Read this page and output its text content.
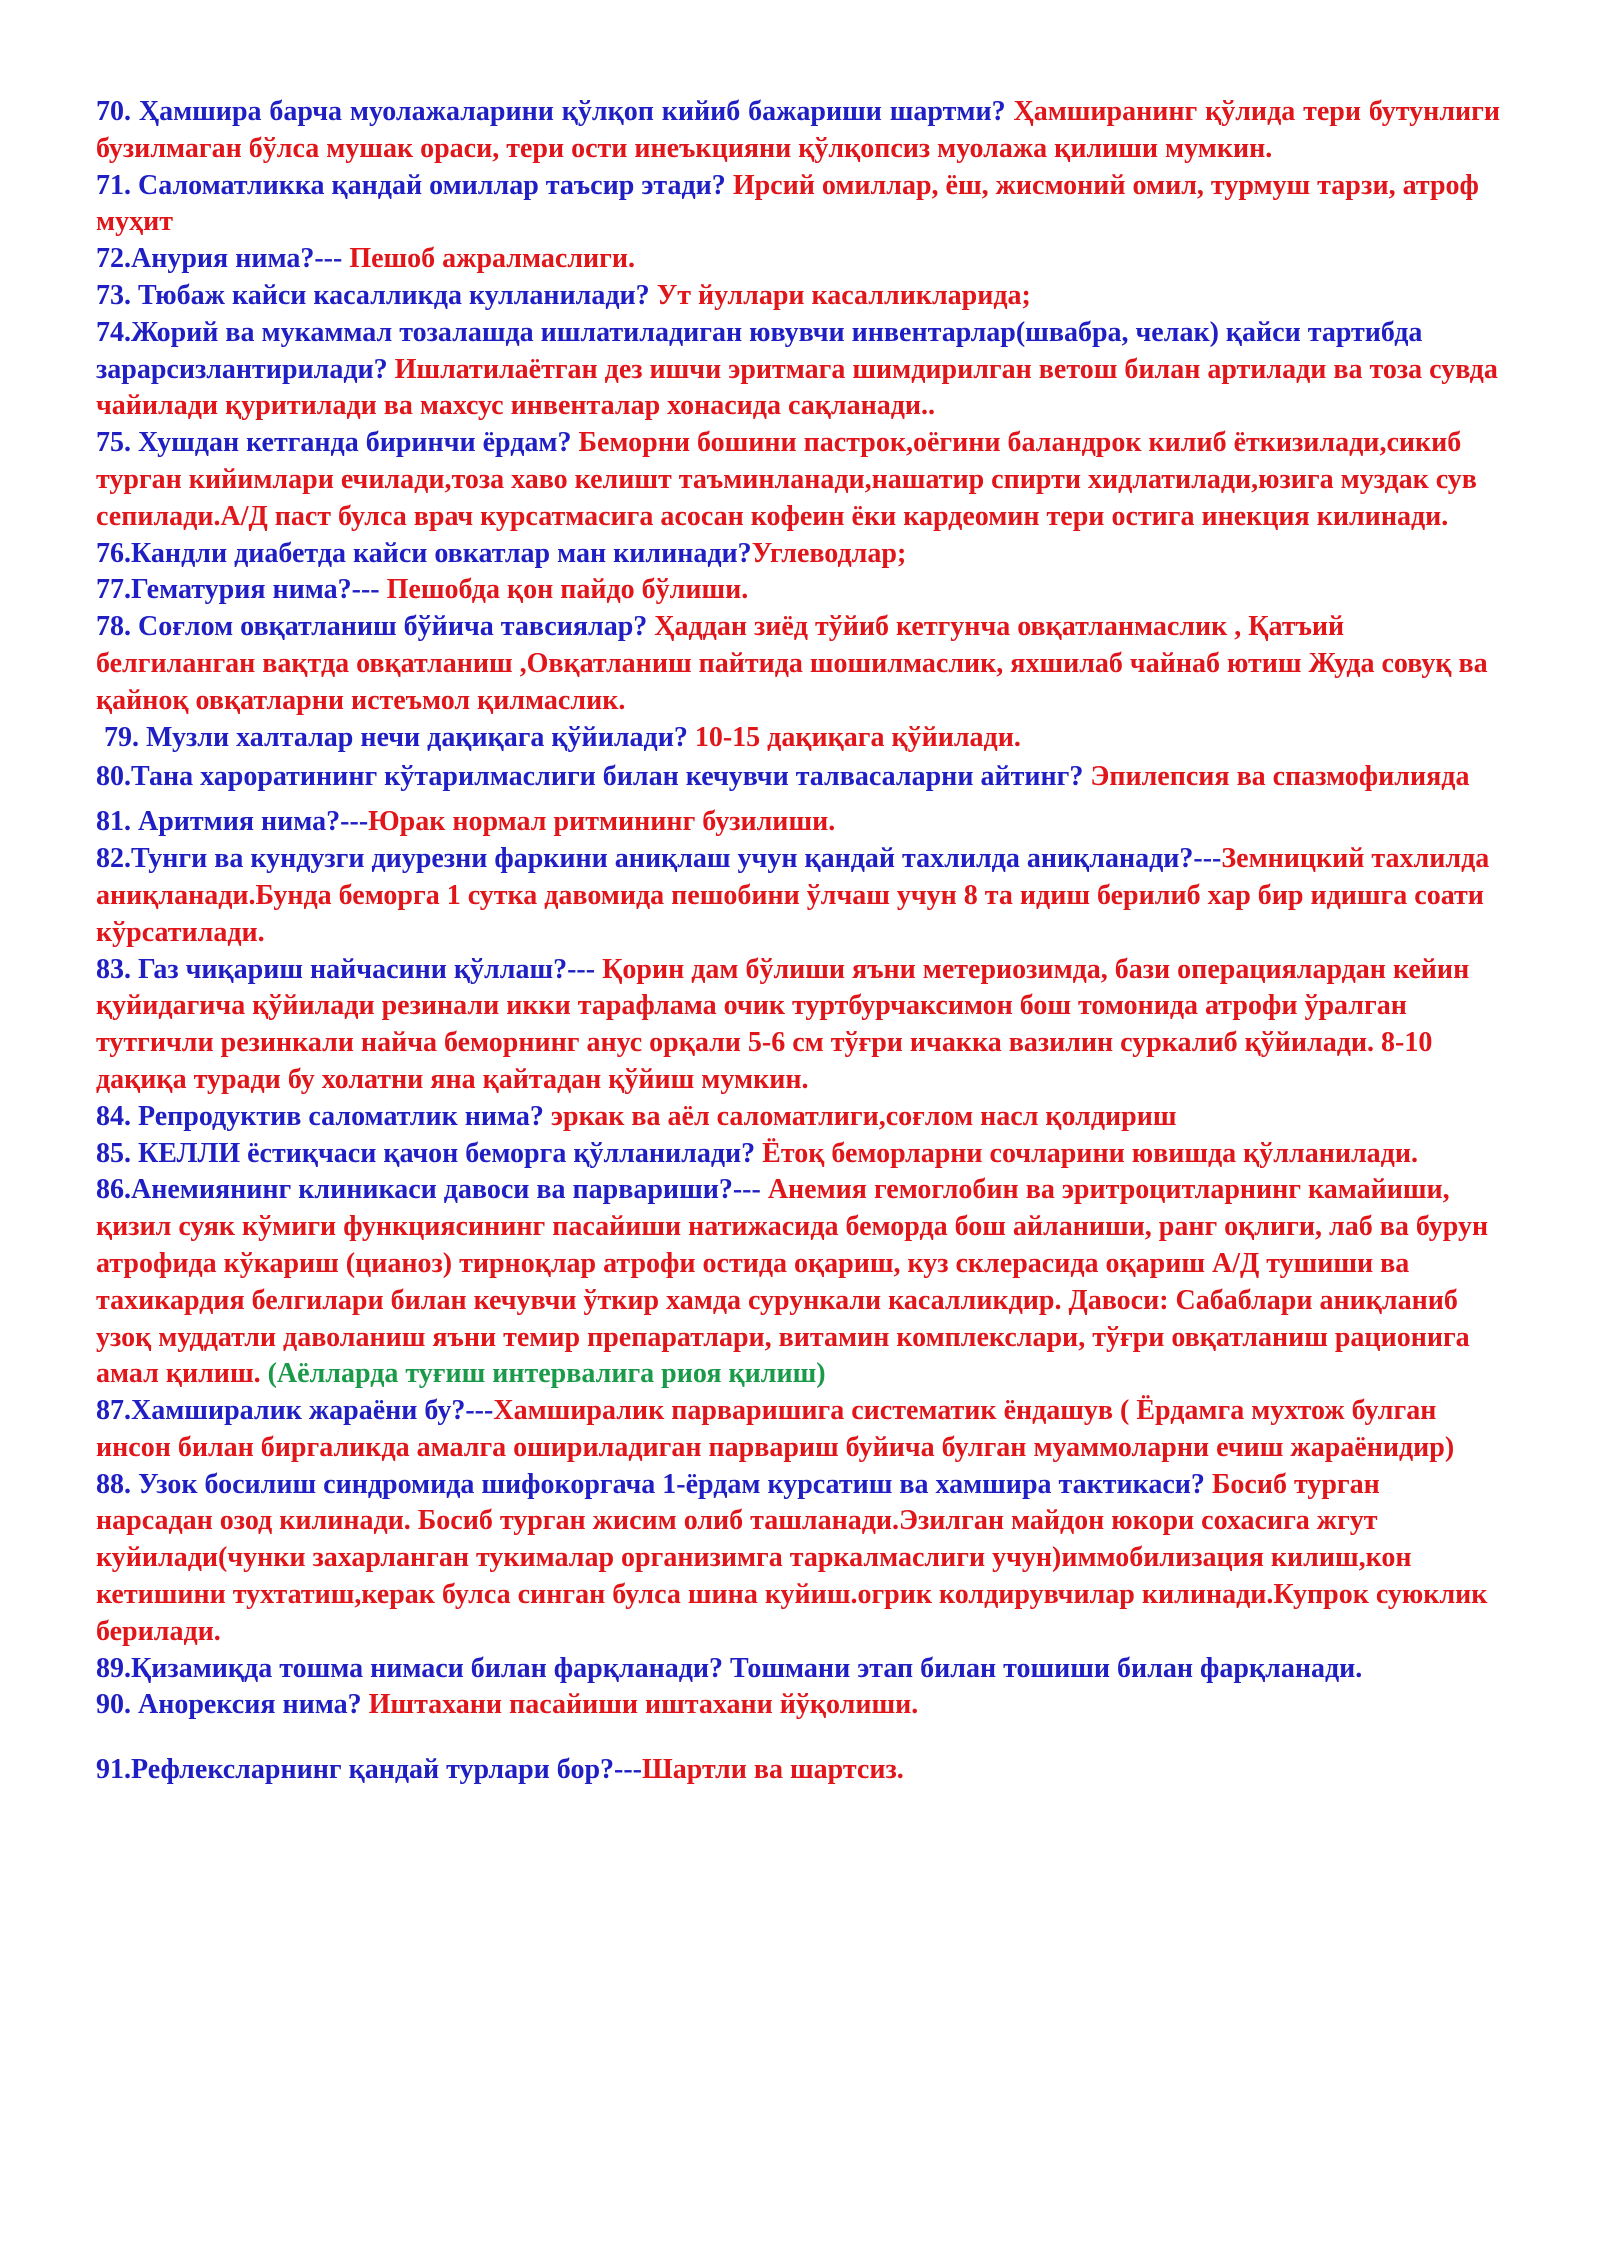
70. Ҳамшира барча муолажаларини қўлқоп кийиб бажариши шартми? Ҳамширанинг қўлида тери бутунлиги бузилмаган бўлса мушак ораси, тери ости инеъкцияни қўлқопсиз муолажа қилиши мумкин.

71. Саломатликка қандай омиллар таъсир этади? Ирсий омиллар, ёш, жисмоний омил, турмуш тарзи, атроф муҳит

72.Анурия нима?--- Пешоб ажралмаслиги.

73. Тюбаж кайси касалликда кулланилади? Ут йуллари касалликларида;

74.Жорий ва мукаммал тозалашда ишлатиладиган ювувчи инвентарлар(швабра, челак) қайси тартибда зарарсизлантирилади? Ишлатилаётган дез ишчи эритмага шимдирилган ветош билан артилади ва тоза сувда чайилади қуритилади ва махсус инвенталар хонасида сақланади..

75. Хушдан кетганда биринчи ёрдам? Беморни бошини пастрок,оёгини баландрок килиб ёткизилади,сикиб турган кийимлари ечилади,тоза хаво келишт таъминланади,нашатир спирти хидлатилади,юзига муздак сув сепилади.А/Д паст булса врач курсатмасига асосан кофеин ёки кардеомин тери остига инекция килинади.

76.Кандли диабетда кайси овкатлар ман килинади?Углеводлар;

77.Гематурия нима?--- Пешобда қон пайдо бўлиши.

78. Соғлом овқатланиш бўйича тавсиялар? Ҳаддан зиёд тўйиб кетгунча овқатланмаслик , Қатъий белгиланган вақтда овқатланиш ,Овқатланиш пайтида шошилмаслик, яхшилаб чайнаб ютиш Жуда совуқ ва қайноқ овқатларни истеъмол қилмаслик.

79. Музли халталар нечи дақиқага қўйилади? 10-15 дақиқага қўйилади.

80.Тана хароратининг кўтарилмаслиги билан кечувчи талвасаларни айтинг? Эпилепсия ва спазмофилияда

81. Аритмия нима?---Юрак нормал ритмининг бузилиши.

82.Тунги ва кундузги диурезни фаркини аниқлаш учун қандай тахлилда аниқланади?---Земницкий тахлилда аниқланади.Бунда беморга 1 сутка давомида пешобини ўлчаш учун 8 та идиш берилиб хар бир идишга соати кўрсатилади.

83. Газ чиқариш найчасини қўллаш?--- Қорин дам бўлиши яъни метериозимда, бази операциялардан кейин қуйидагича қўйилади резинали икки тарафлама очик туртбурчаксимон бош томонида атрофи ўралган тутгичли резинкали найча беморнинг анус орқали 5-6 см тўғри ичакка вазилин суркалиб қўйилади. 8-10 дақиқа туради бу холатни яна қайтадан қўйиш мумкин.

84. Репродуктив саломатлик нима? эркак ва аёл саломатлиги,соғлом насл қолдириш

85. КЕЛЛИ ёстиқчаси қачон беморга қўлланилади? Ётоқ беморларни сочларини ювишда қўлланилади.

86.Анемиянинг клиникаси давоси ва парвариши?--- Анемия гемоглобин ва эритроцитларнинг камайиши, қизил суяк кўмиги функциясининг пасайиши натижасида беморда бош айланиши, ранг оқлиги, лаб ва бурун атрофида кўкариш (цианоз) тирноқлар атрофи остида оқариш, куз склерасида оқариш А/Д тушиши ва тахикардия белгилари билан кечувчи ўткир хамда сурункали касалликдир. Давоси: Сабаблари аниқланиб узоқ муддатли даволаниш яъни темир препаратлари, витамин комплекслари, тўғри овқатланиш рационига амал қилиш. (Аёлларда туғиш интервалига риоя қилиш)

87.Хамширалик жараёни бу?---Хамширалик парваришига систематик ёндашув ( Ёрдамга мухтож булган инсон билан биргаликда амалга ошириладиган парвариш буйича булган муаммоларни ечиш жараёнидир)

88. Узок босилиш синдромида шифокоргача 1-ёрдам курсатиш ва хамшира тактикаси? Босиб турган нарсадан озод килинади. Босиб турган жисим олиб ташланади.Эзилган майдон юкори сохасига жгут куйилади(чунки захарланган тукималар организимга таркалмаслиги учун)иммобилизация килиш,кон кетишини тухтатиш,керак булса синган булса шина куйиш.огрик колдирувчилар килинади.Купрок суюклик берилади.

89.Қизамиқда тошма нимаси билан фарқланади? Тошмани этап билан тошиши билан фарқланади.

90. Анорексия нима? Иштахани пасайиши иштахани йўқолиши.

91.Рефлексларнинг қандай турлари бор?---Шартли ва шартсиз.
